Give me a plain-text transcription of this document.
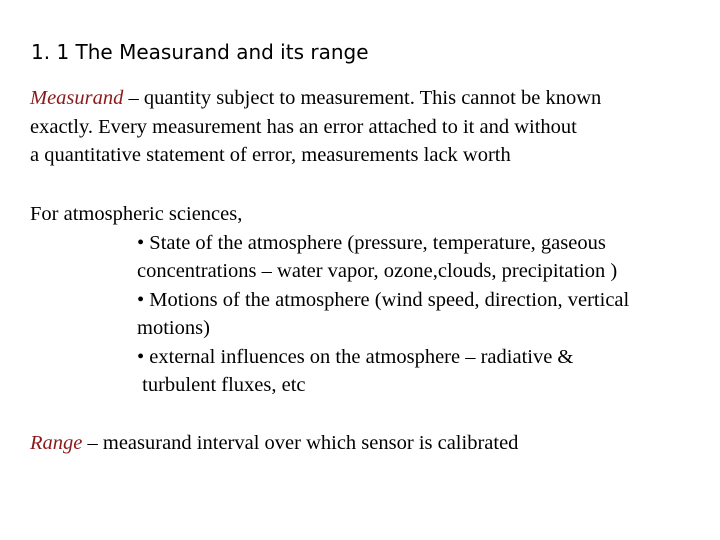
1. 1 The Measurand and its range
Measurand – quantity subject to measurement. This cannot be known
exactly. Every measurement has an error attached to it and without
a quantitative statement of error, measurements lack worth
For atmospheric sciences,
• State of the atmosphere (pressure, temperature, gaseous
concentrations – water vapor, ozone,clouds, precipitation )
• Motions of the atmosphere (wind speed, direction, vertical
motions)
• external influences on the atmosphere – radiative &
turbulent fluxes, etc
Range – measurand interval over which sensor is calibrated
